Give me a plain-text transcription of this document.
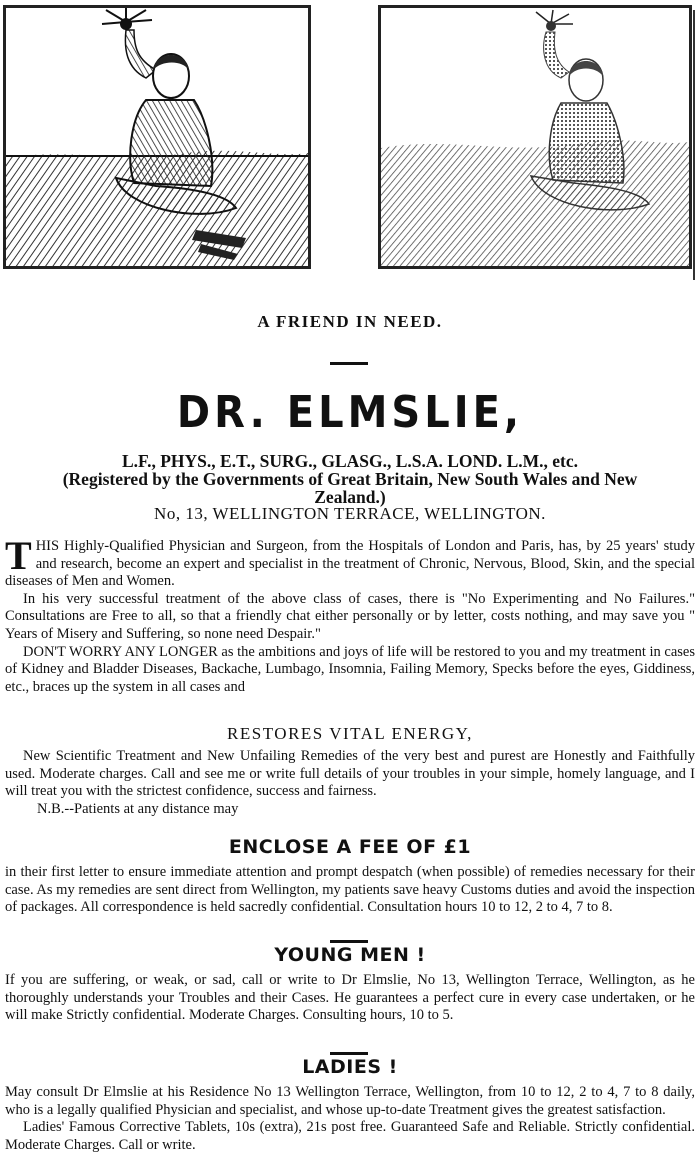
A FRIEND IN NEED.
DR. ELMSLIE,
L.F., PHYS., E.T., SURG., GLASG., L.S.A. LOND. L.M., etc.
(Registered by the Governments of Great Britain, New South Wales and New Zealand.)
No, 13, WELLINGTON TERRACE, WELLINGTON.

THIS Highly-Qualified Physician and Surgeon, from the Hospitals of London and Paris, has, by 25 years' study and research, become an expert and specialist in the treatment of Chronic, Nervous, Blood, Skin, and the special diseases of Men and Women.

In his very successful treatment of the above class of cases, there is "No Experimenting and No Failures." Consultations are Free to all, so that a friendly chat either personally or by letter, costs nothing, and may save you " Years of Misery and Suffering, so none need Despair."

DON'T WORRY ANY LONGER as the ambitions and joys of life will be restored to you and my treatment in cases of Kidney and Bladder Diseases, Backache, Lumbago, Insomnia, Failing Memory, Specks before the eyes, Giddiness, etc., braces up the system in all cases and

RESTORES VITAL ENERGY,

New Scientific Treatment and New Unfailing Remedies of the very best and purest are Honestly and Faithfully used. Moderate charges. Call and see me or write full details of your troubles in your simple, homely language, and I will treat you with the strictest confidence, success and fairness.

N.B.--Patients at any distance may

ENCLOSE A FEE OF £1

in their first letter to ensure immediate attention and prompt despatch (when possible) of remedies necessary for their case. As my remedies are sent direct from Wellington, my patients save heavy Customs duties and avoid the inspection of packages. All correspondence is held sacredly confidential. Consultation hours 10 to 12, 2 to 4, 7 to 8.

YOUNG MEN !

If you are suffering, or weak, or sad, call or write to Dr Elmslie, No 13, Wellington Terrace, Wellington, as he thoroughly understands your Troubles and their Cases. He guarantees a perfect cure in every case undertaken, or he will make Strictly confidential. Moderate Charges. Consulting hours, 10 to 5.

LADIES !

May consult Dr Elmslie at his Residence No 13 Wellington Terrace, Wellington, from 10 to 12, 2 to 4, 7 to 8 daily, who is a legally qualified Physician and specialist, and whose up-to-date Treatment gives the greatest satisfaction.

Ladies' Famous Corrective Tablets, 10s (extra), 21s post free. Guaranteed Safe and Reliable. Strictly confidential. Moderate Charges. Call or write.
